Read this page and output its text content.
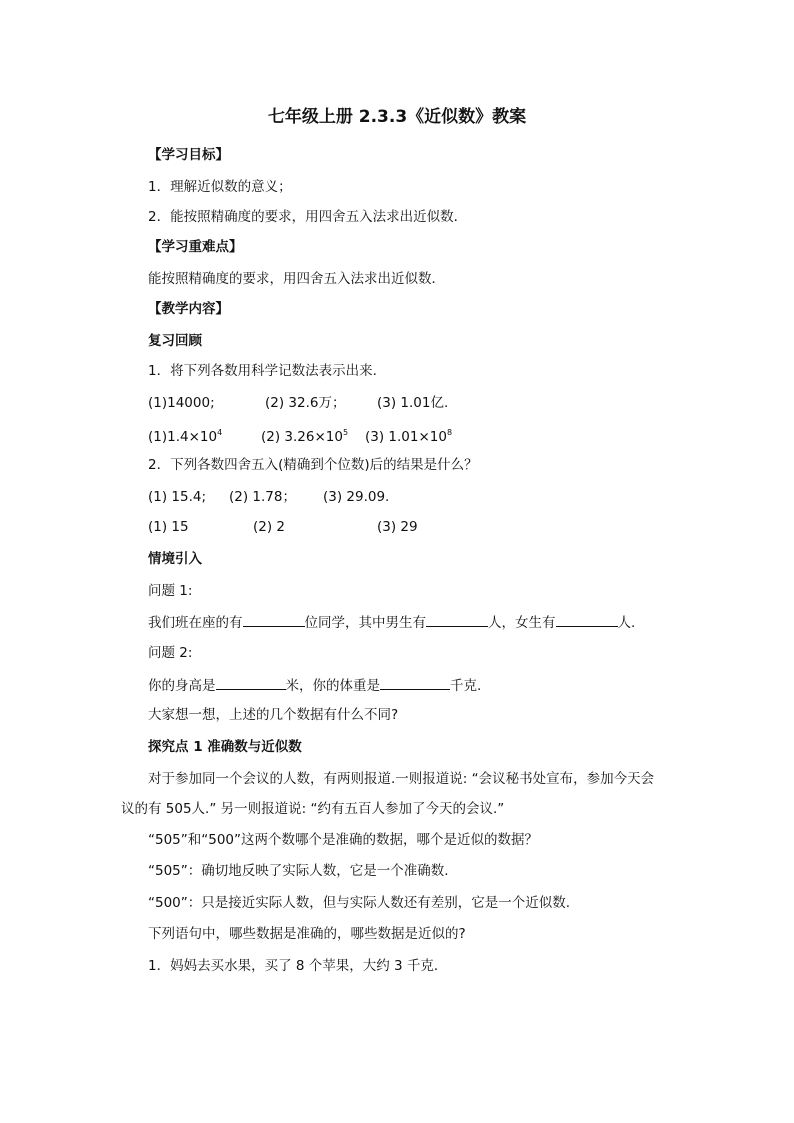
七年级上册 2.3.3《近似数》教案
【学习目标】
1．理解近似数的意义；
2．能按照精确度的要求，用四舍五入法求出近似数．
【学习重难点】
能按照精确度的要求，用四舍五入法求出近似数．
【教学内容】
复习回顾
1．将下列各数用科学记数法表示出来.
(1)14000;	(2) 32.6万； (3) 1.01亿.
$(1)1.4\times 10^4$	(2) $3.26\times 10^5$ (3) $1.01\times 10^8$
2．下列各数四舍五入(精确到个位数)后的结果是什么？
(1) 15.4; (2) 1.78； (3) 29.09.
(1) 15	(2) 2	(3) 29
情境引入
问题 1:
我们班在座的有	位同学，其中男生有	人，女生有	人.
问题 2:
你的身高是	米，你的体重是	千克.
大家想一想，上述的几个数据有什么不同?
探究点 1 准确数与近似数
对于参加同一个会议的人数，有两则报道.一则报道说: “会议秘书处宣布，参加今天会
议的有 505人.” 另一则报道说: “约有五百人参加了今天的会议.”
“505”和“500”这两个数哪个是准确的数据，哪个是近似的数据？
“505”：确切地反映了实际人数，它是一个准确数.
“500”：只是接近实际人数，但与实际人数还有差别，它是一个近似数.
下列语句中，哪些数据是准确的，哪些数据是近似的?
1．妈妈去买水果，买了 8 个苹果，大约 3 千克．
